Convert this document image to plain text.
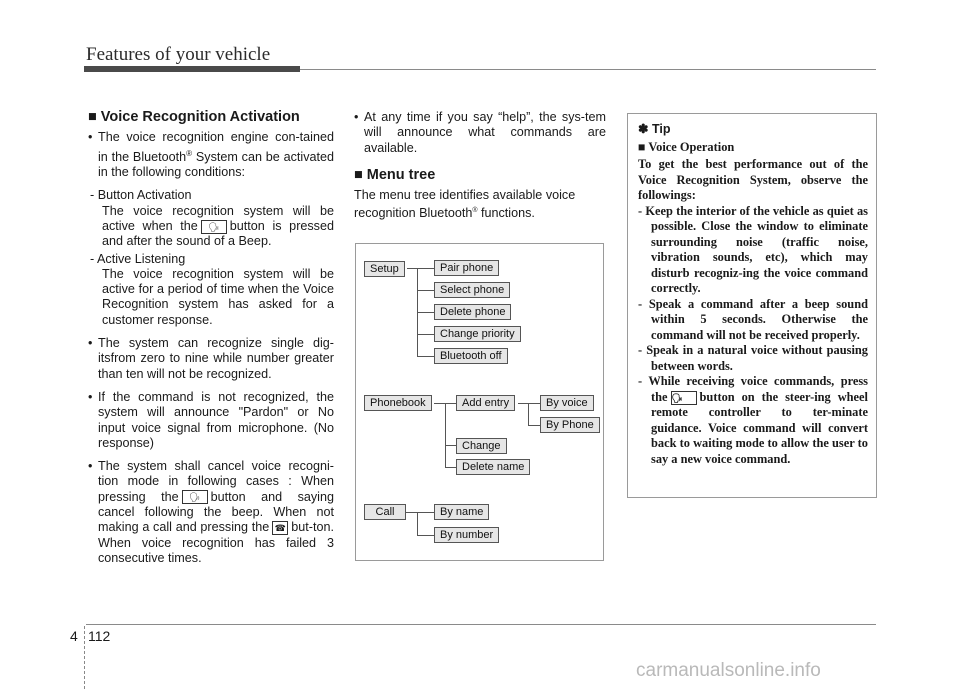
Features of your vehicle
■ Voice Recognition Activation

• The voice recognition engine con-tained in the Bluetooth® System can be activated in the following conditions:

- Button Activation
The voice recognition system will be active when the 🗣 button is pressed and after the sound of a Beep.
- Active Listening
The voice recognition system will be active for a period of time when the Voice Recognition system has asked for a customer response.

• The system can recognize single dig-itsfrom zero to nine while number greater than ten will not be recognized.

• If the command is not recognized, the system will announce "Pardon" or No input voice signal from microphone. (No response)

• The system shall cancel voice recogni-tion mode in following cases : When pressing the 🗣 button and saying cancel following the beep. When not making a call and pressing the ☎ but-ton. When voice recognition has failed 3 consecutive times.

• At any time if you say “help”, the sys-tem will announce what commands are available.

■ Menu tree

The menu tree identifies available voice recognition Bluetooth® functions.

Setup	Pair phone
Select phone
Delete phone
Change priority
Bluetooth off
Phonebook	Add entry	By voice
By Phone
Change
Delete name
Call	By name
By number
✽ Tip
■ Voice Operation
To get the best performance out of the Voice Recognition System, observe the followings:
- Keep the interior of the vehicle as quiet as possible. Close the window to eliminate surrounding noise (traffic noise, vibration sounds, etc), which may disturb recogniz-ing the voice command correctly.
- Speak a command after a beep sound within 5 seconds. Otherwise the command will not be received properly.
- Speak in a natural voice without pausing between words.
- While receiving voice commands, press the 🗣 button on the steer-ing wheel remote controller to ter-minate guidance. Voice command will convert back to waiting mode to allow the user to say a new voice command.
4 112
carmanualsonline.info
